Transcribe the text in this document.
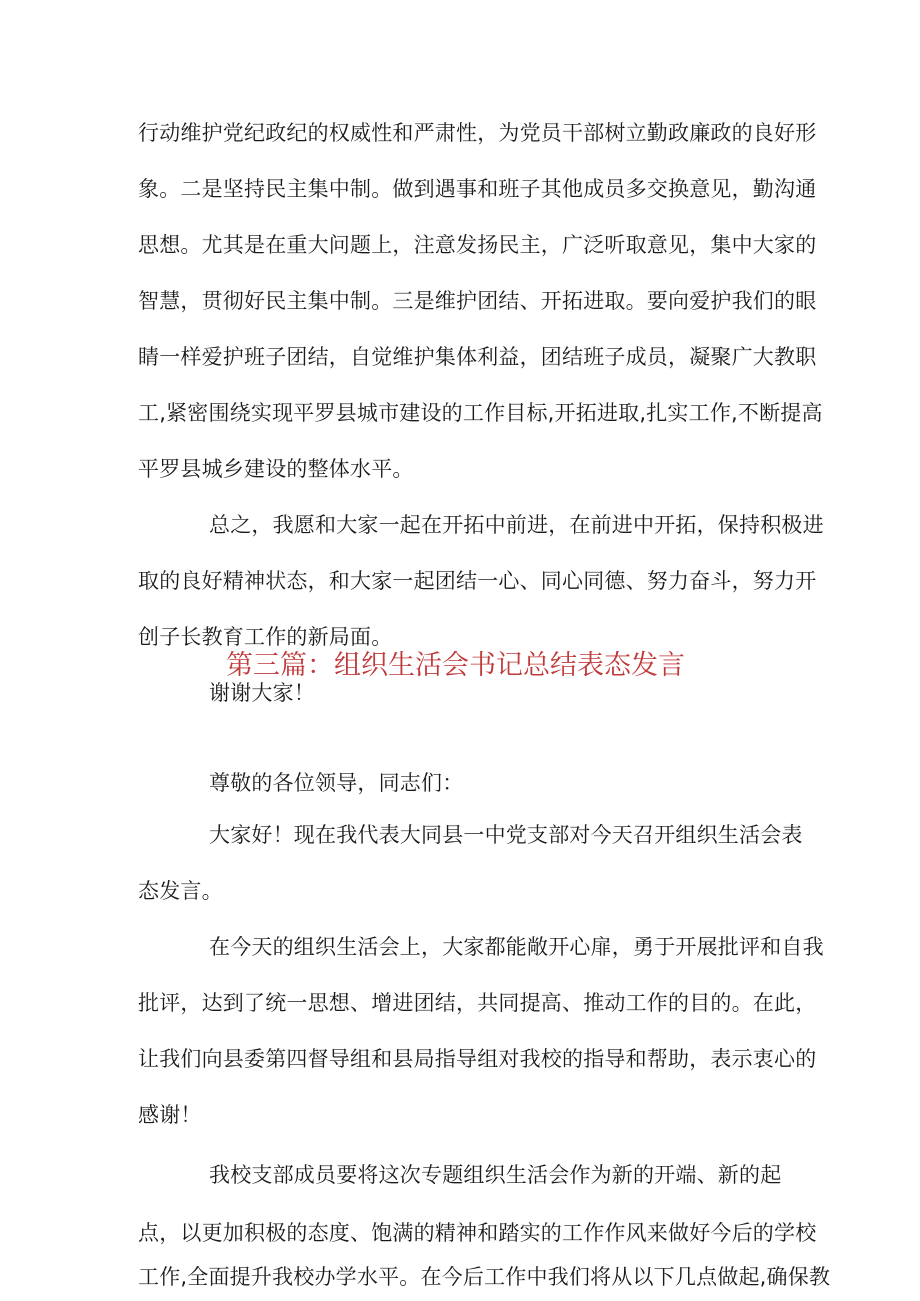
行动维护党纪政纪的权威性和严肃性，为党员干部树立勤政廉政的良好形
象。二是坚持民主集中制。做到遇事和班子其他成员多交换意见，勤沟通
思想。尤其是在重大问题上，注意发扬民主，广泛听取意见，集中大家的
智慧，贯彻好民主集中制。三是维护团结、开拓进取。要向爱护我们的眼
睛一样爱护班子团结，自觉维护集体利益，团结班子成员，凝聚广大教职
工,紧密围绕实现平罗县城市建设的工作目标,开拓进取,扎实工作,不断提高
平罗县城乡建设的整体水平。
总之，我愿和大家一起在开拓中前进，在前进中开拓，保持积极进
取的良好精神状态，和大家一起团结一心、同心同德、努力奋斗，努力开
创子长教育工作的新局面。
谢谢大家！
第三篇：组织生活会书记总结表态发言
尊敬的各位领导，同志们：
大家好！现在我代表大同县一中党支部对今天召开组织生活会表
态发言。
在今天的组织生活会上，大家都能敞开心扉，勇于开展批评和自我
批评，达到了统一思想、增进团结，共同提高、推动工作的目的。在此，
让我们向县委第四督导组和县局指导组对我校的指导和帮助，表示衷心的
感谢！
我校支部成员要将这次专题组织生活会作为新的开端、新的起
点，以更加积极的态度、饱满的精神和踏实的工作作风来做好今后的学校
工作,全面提升我校办学水平。在今后工作中我们将从以下几点做起,确保教
